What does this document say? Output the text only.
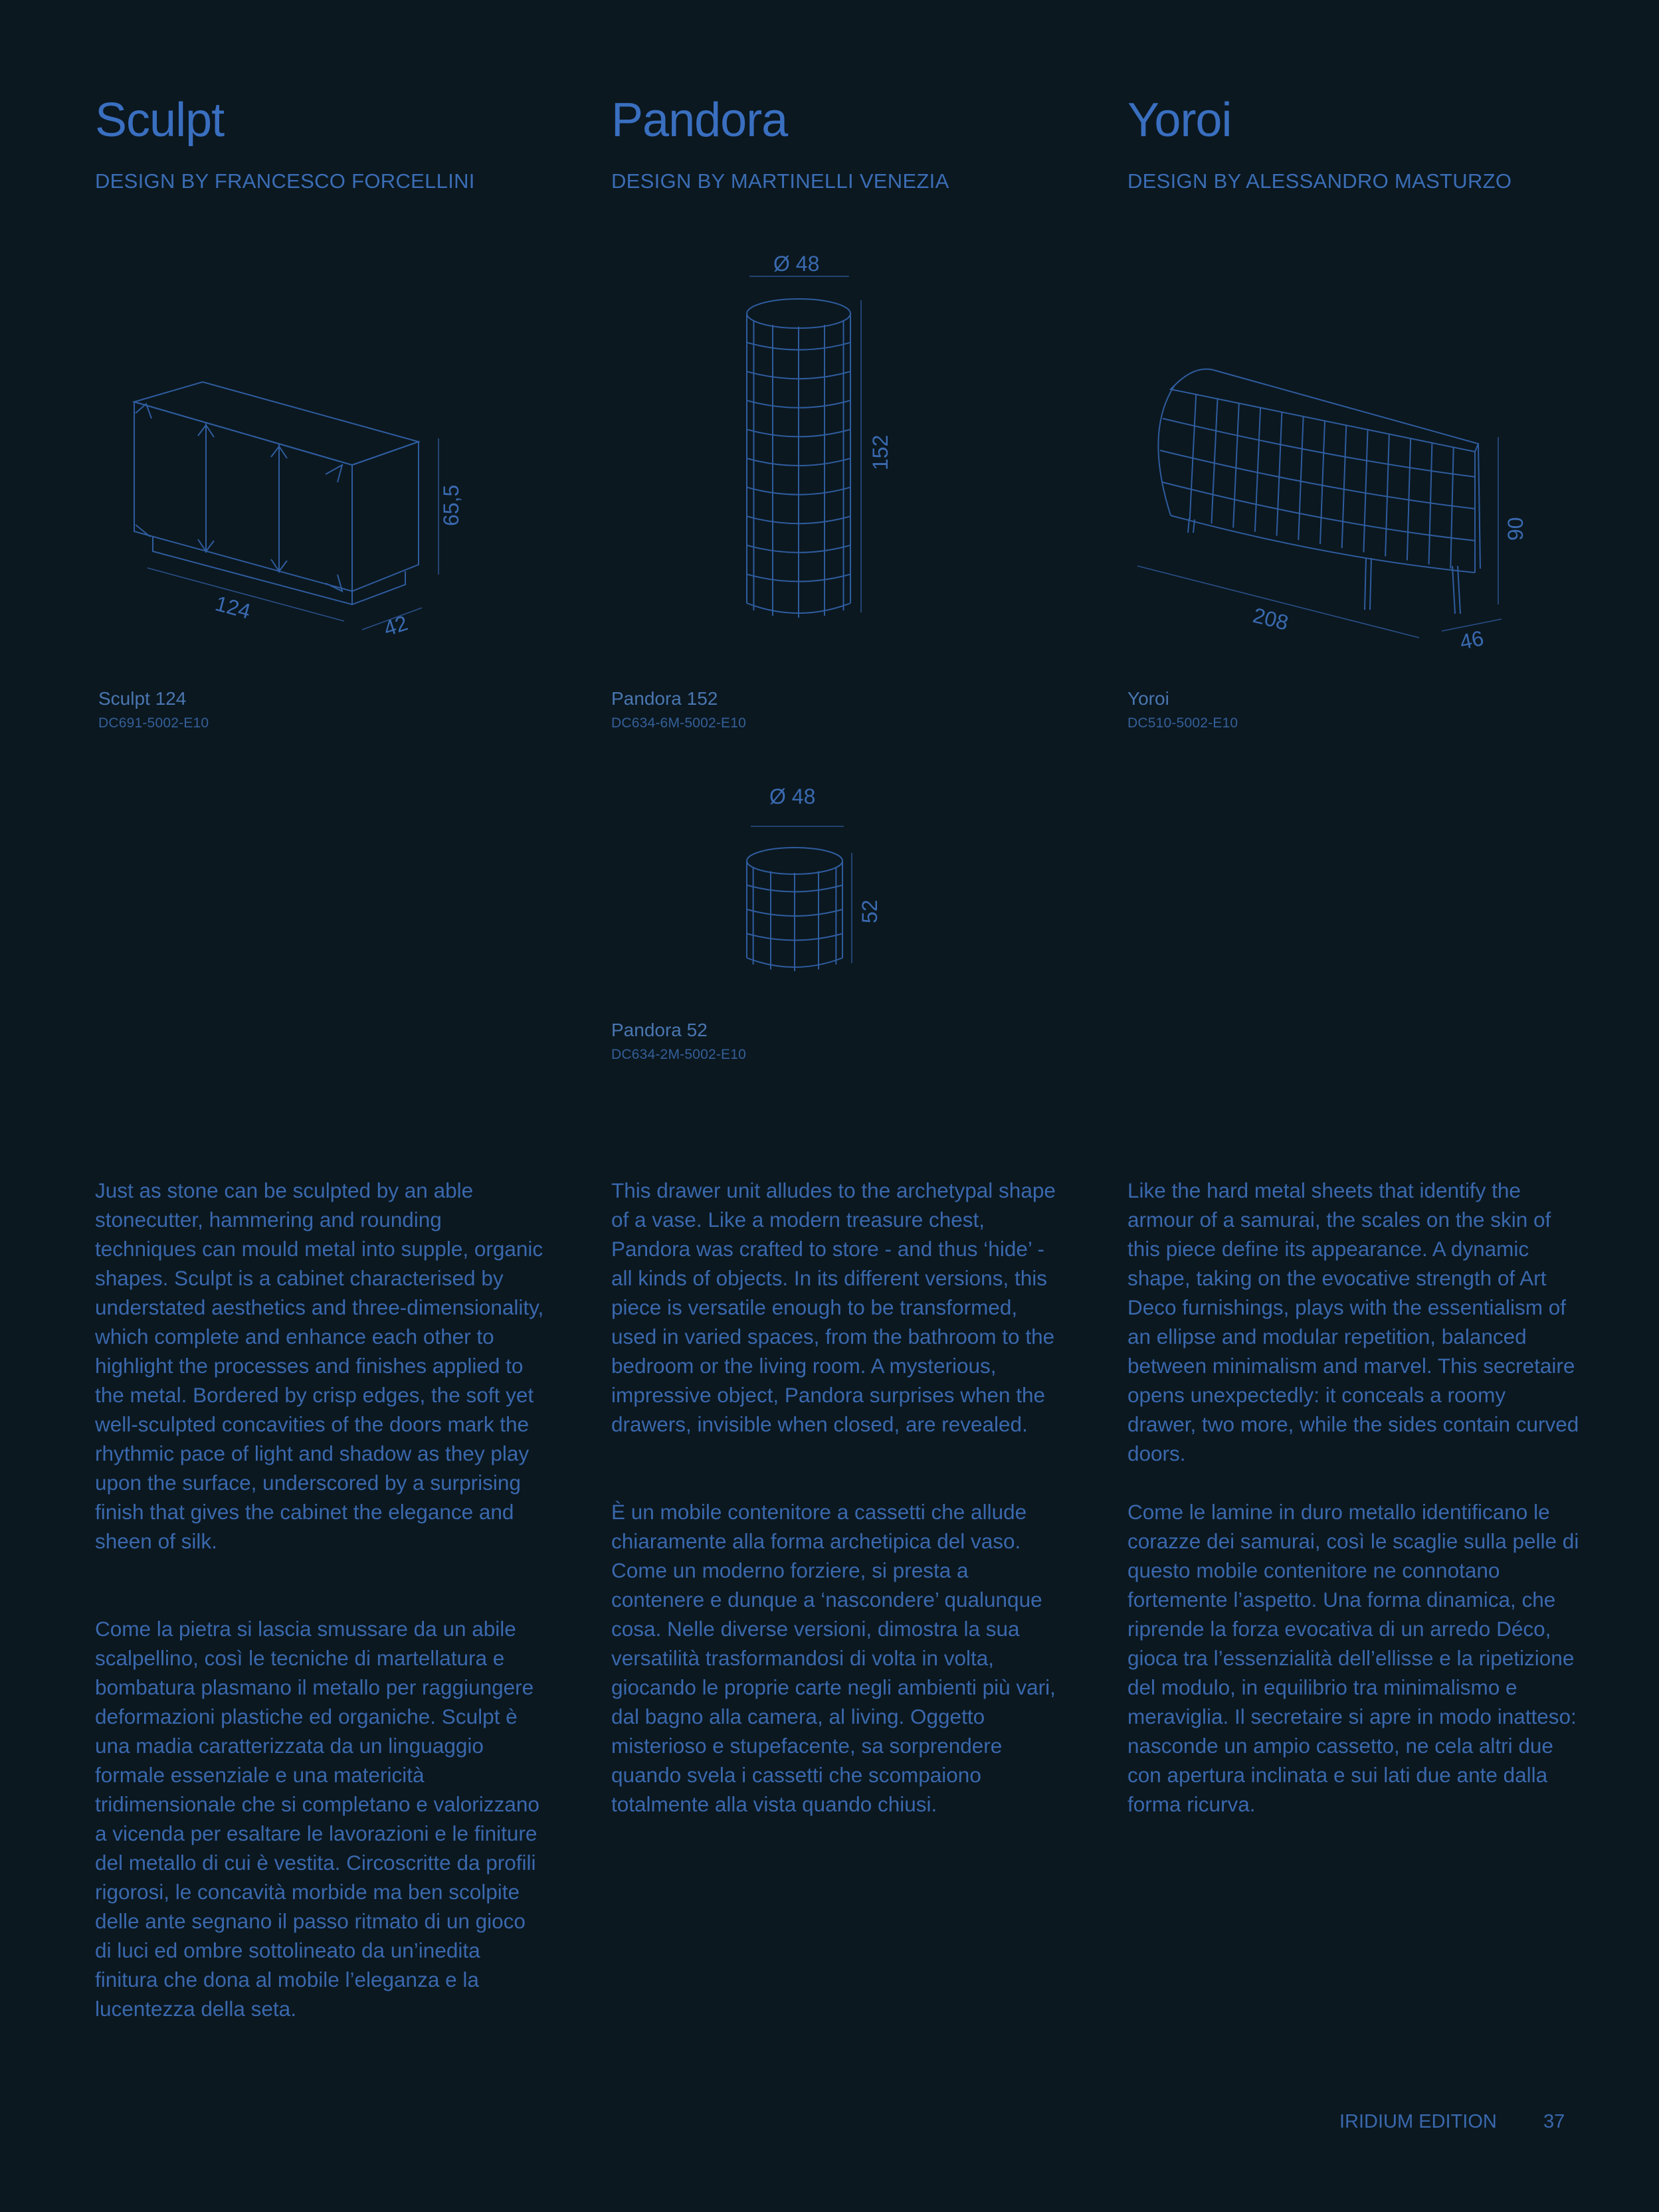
Sculpt
DESIGN BY FRANCESCO FORCELLINI
65,5
124
42
Sculpt 124
DC691-5002-E10
Pandora
DESIGN BY MARTINELLI VENEZIA
Ø 48
152
Pandora 152
DC634-6M-5002-E10
Ø 48
52
Pandora 52
DC634-2M-5002-E10
Yoroi
DESIGN BY ALESSANDRO MASTURZO
90
208
46
Yoroi
DC510-5002-E10

Just as stone can be sculpted by an able stonecutter, hammering and rounding techniques can mould metal into supple, organic shapes. Sculpt is a cabinet characterised by understated aesthetics and three-dimensionality, which complete and enhance each other to highlight the processes and finishes applied to the metal. Bordered by crisp edges, the soft yet well-sculpted concavities of the doors mark the rhythmic pace of light and shadow as they play upon the surface, underscored by a surprising finish that gives the cabinet the elegance and sheen of silk.

Come la pietra si lascia smussare da un abile scalpellino, così le tecniche di martellatura e bombatura plasmano il metallo per raggiungere deformazioni plastiche ed organiche. Sculpt è una madia caratterizzata da un linguaggio formale essenziale e una matericità tridimensionale che si completano e valorizzano a vicenda per esaltare le lavorazioni e le finiture del metallo di cui è vestita. Circoscritte da profili rigorosi, le concavità morbide ma ben scolpite delle ante segnano il passo ritmato di un gioco di luci ed ombre sottolineato da un’inedita finitura che dona al mobile l’eleganza e la lucentezza della seta.

This drawer unit alludes to the archetypal shape of a vase. Like a modern treasure chest, Pandora was crafted to store - and thus ‘hide’ - all kinds of objects. In its different versions, this piece is versatile enough to be transformed, used in varied spaces, from the bathroom to the bedroom or the living room. A mysterious, impressive object, Pandora surprises when the drawers, invisible when closed, are revealed.

È un mobile contenitore a cassetti che allude chiaramente alla forma archetipica del vaso. Come un moderno forziere, si presta a contenere e dunque a ‘nascondere’ qualunque cosa. Nelle diverse versioni, dimostra la sua versatilità trasformandosi di volta in volta, giocando le proprie carte negli ambienti più vari, dal bagno alla camera, al living. Oggetto misterioso e stupefacente, sa sorprendere quando svela i cassetti che scompaiono totalmente alla vista quando chiusi.

Like the hard metal sheets that identify the armour of a samurai, the scales on the skin of this piece define its appearance. A dynamic shape, taking on the evocative strength of Art Deco furnishings, plays with the essentialism of an ellipse and modular repetition, balanced between minimalism and marvel. This secretaire opens unexpectedly: it conceals a roomy drawer, two more, while the sides contain curved doors.

Come le lamine in duro metallo identificano le corazze dei samurai, così le scaglie sulla pelle di questo mobile contenitore ne connotano fortemente l’aspetto. Una forma dinamica, che riprende la forza evocativa di un arredo Déco, gioca tra l’essenzialità dell’ellisse e la ripetizione del modulo, in equilibrio tra minimalismo e meraviglia. Il secretaire si apre in modo inatteso: nasconde un ampio cassetto, ne cela altri due con apertura inclinata e sui lati due ante dalla forma ricurva.

IRIDIUM EDITION 37
